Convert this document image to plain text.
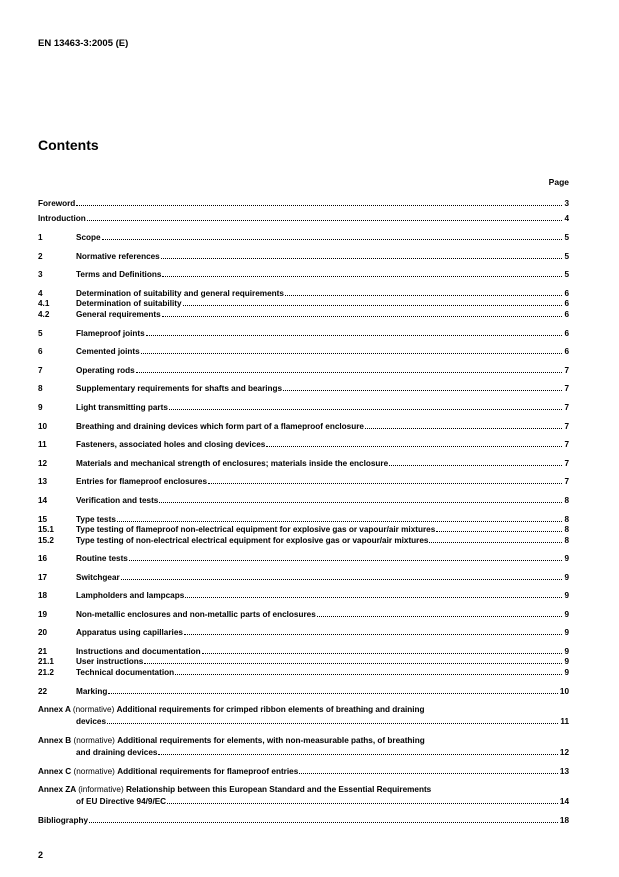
EN 13463-3:2005 (E)
Contents
Page
Foreword	3
Introduction	4
1	Scope	5
2	Normative references	5
3	Terms and Definitions	5
4	Determination of suitability and general requirements	6
4.1	Determination of suitability	6
4.2	General requirements	6
5	Flameproof joints	6
6	Cemented joints	6
7	Operating rods	7
8	Supplementary requirements for shafts and bearings	7
9	Light transmitting parts	7
10	Breathing and draining devices which form part of a flameproof enclosure	7
11	Fasteners, associated holes and closing devices	7
12	Materials and mechanical strength of enclosures; materials inside the enclosure	7
13	Entries for flameproof enclosures	7
14	Verification and tests	8
15	Type tests	8
15.1	Type testing of flameproof non-electrical equipment for explosive gas or vapour/air mixtures	8
15.2	Type testing of non-electrical electrical equipment for explosive gas or vapour/air mixtures	8
16	Routine tests	9
17	Switchgear	9
18	Lampholders and lampcaps	9
19	Non-metallic enclosures and non-metallic parts of enclosures	9
20	Apparatus using capillaries	9
21	Instructions and documentation	9
21.1	User instructions	9
21.2	Technical documentation	9
22	Marking	10
Annex A (normative) Additional requirements for crimped ribbon elements of breathing and draining
devices	11
Annex B (normative) Additional requirements for elements, with non-measurable paths, of breathing
and draining devices	12
Annex C (normative) Additional requirements for flameproof entries	13
Annex ZA (informative) Relationship between this European Standard and the Essential Requirements
of EU Directive 94/9/EC	14
Bibliography	18
2
